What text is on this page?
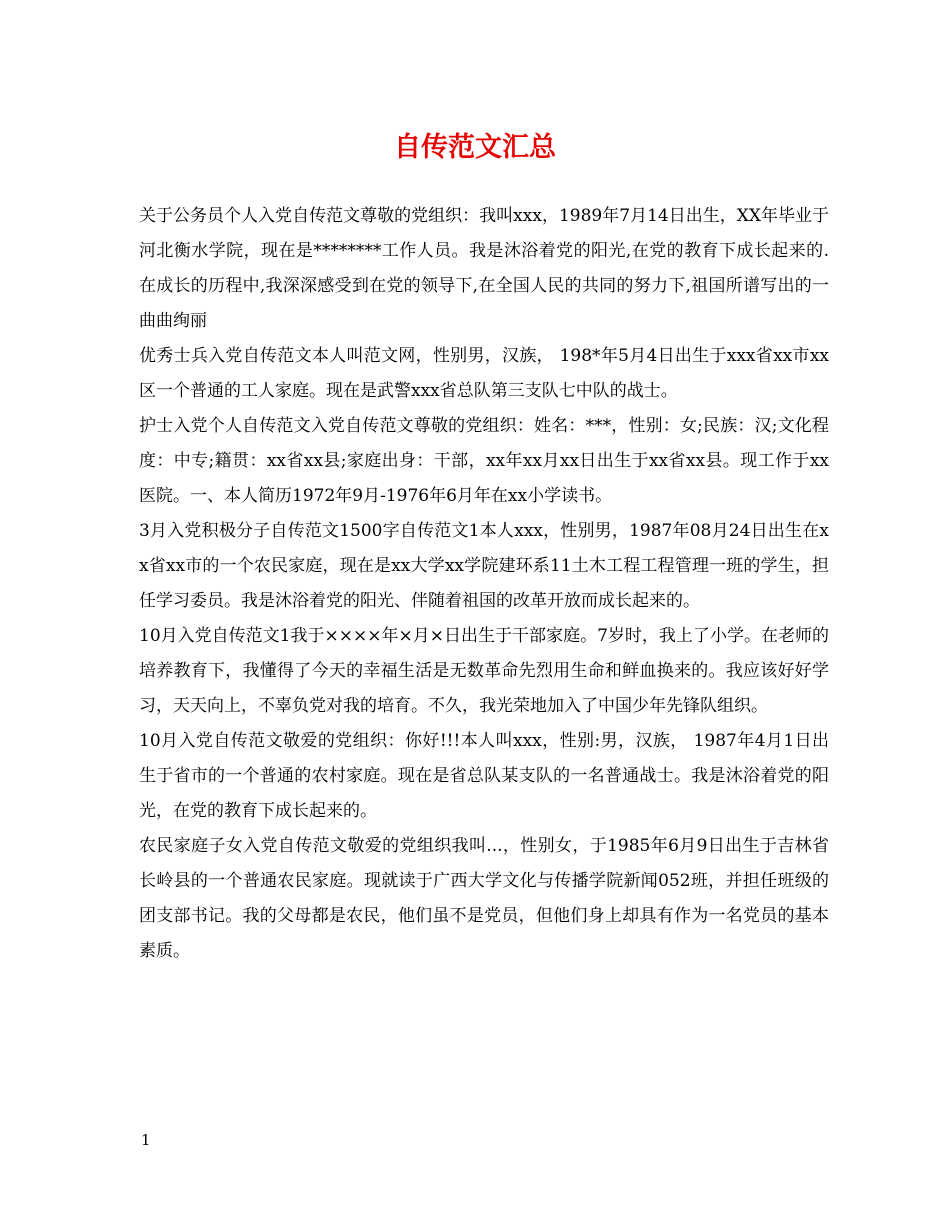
自传范文汇总

关于公务员个人入党自传范文尊敬的党组织：我叫xxx，1989年7月14日出生，XX年毕业于河北衡水学院，现在是********工作人员。我是沐浴着党的阳光,在党的教育下成长起来的.在成长的历程中,我深深感受到在党的领导下,在全国人民的共同的努力下,祖国所谱写出的一曲曲绚丽

优秀士兵入党自传范文本人叫范文网，性别男，汉族， 198*年5月4日出生于xxx省xx市xx区一个普通的工人家庭。现在是武警xxx省总队第三支队七中队的战士。

护士入党个人自传范文入党自传范文尊敬的党组织：姓名：***，性别：女;民族：汉;文化程度：中专;籍贯：xx省xx县;家庭出身：干部，xx年xx月xx日出生于xx省xx县。现工作于xx医院。一、本人简历1972年9月-1976年6月年在xx小学读书。

3月入党积极分子自传范文1500字自传范文1本人xxx，性别男，1987年08月24日出生在xx省xx市的一个农民家庭，现在是xx大学xx学院建环系11土木工程工程管理一班的学生，担任学习委员。我是沐浴着党的阳光、伴随着祖国的改革开放而成长起来的。

10月入党自传范文1我于××××年×月×日出生于干部家庭。7岁时，我上了小学。在老师的培养教育下，我懂得了今天的幸福生活是无数革命先烈用生命和鲜血换来的。我应该好好学习，天天向上，不辜负党对我的培育。不久，我光荣地加入了中国少年先锋队组织。

10月入党自传范文敬爱的党组织：你好!!!本人叫xxx，性别:男，汉族， 1987年4月1日出生于省市的一个普通的农村家庭。现在是省总队某支队的一名普通战士。我是沐浴着党的阳光，在党的教育下成长起来的。

农民家庭子女入党自传范文敬爱的党组织我叫...，性别女，于1985年6月9日出生于吉林省长岭县的一个普通农民家庭。现就读于广西大学文化与传播学院新闻052班，并担任班级的团支部书记。我的父母都是农民，他们虽不是党员，但他们身上却具有作为一名党员的基本素质。

1
